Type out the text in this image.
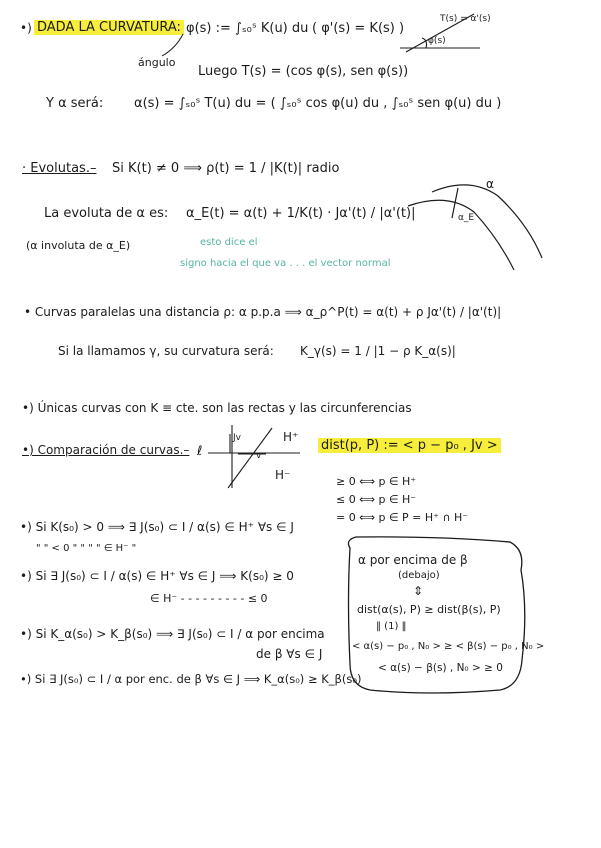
•) DADA LA CURVATURA: φ(s) := ∫ₛ₀ˢ K(u) du ( φ'(s) = K(s) )
T(s) = α'(s)
φ(s)
ángulo
Luego T(s) = (cos φ(s), sen φ(s))
Y α será: α(s) = ∫ₛ₀ˢ T(u) du = ( ∫ₛ₀ˢ cos φ(u) du , ∫ₛ₀ˢ sen φ(u) du )
· Evolutas.– Si K(t) ≠ 0 ⟹ ρ(t) = 1 / |K(t)| radio
La evoluta de α es: α_E(t) = α(t) + 1/K(t) · Jα'(t) / |α'(t)|
(α involuta de α_E)	esto dice el
signo hacia el que va . . . el vector normal
α
α_E
• Curvas paralelas una distancia ρ: α p.p.a ⟹ α_ρ^P(t) = α(t) + ρ Jα'(t) / |α'(t)|
Si la llamamos γ, su curvatura será: K_γ(s) = 1 / |1 − ρ K_α(s)|
•) Únicas curvas con K ≡ cte. son las rectas y las circunferencias
•) Comparación de curvas.– ℓ
Jv
v
H⁺
H⁻
dist(p, P) := < p − p₀ , Jv >
≥ 0 ⟺ p ∈ H⁺
≤ 0 ⟺ p ∈ H⁻
= 0 ⟺ p ∈ P = H⁺ ∩ H⁻
•) Si K(s₀) > 0 ⟹ ∃ J(s₀) ⊂ I / α(s) ∈ H⁺ ∀s ∈ J
" " < 0 " " " " ∈ H⁻ "
•) Si ∃ J(s₀) ⊂ I / α(s) ∈ H⁺ ∀s ∈ J ⟹ K(s₀) ≥ 0
∈ H⁻ - - - - - - - - - ≤ 0
•) Si K_α(s₀) > K_β(s₀) ⟹ ∃ J(s₀) ⊂ I / α por encima
de β ∀s ∈ J
•) Si ∃ J(s₀) ⊂ I / α por enc. de β ∀s ∈ J ⟹ K_α(s₀) ≥ K_β(s₀)
α por encima de β
(debajo)
⇕
dist(α(s), P) ≥ dist(β(s), P)
‖ (1) ‖
< α(s) − p₀ , N₀ > ≥ < β(s) − p₀ , N₀ >
< α(s) − β(s) , N₀ > ≥ 0
